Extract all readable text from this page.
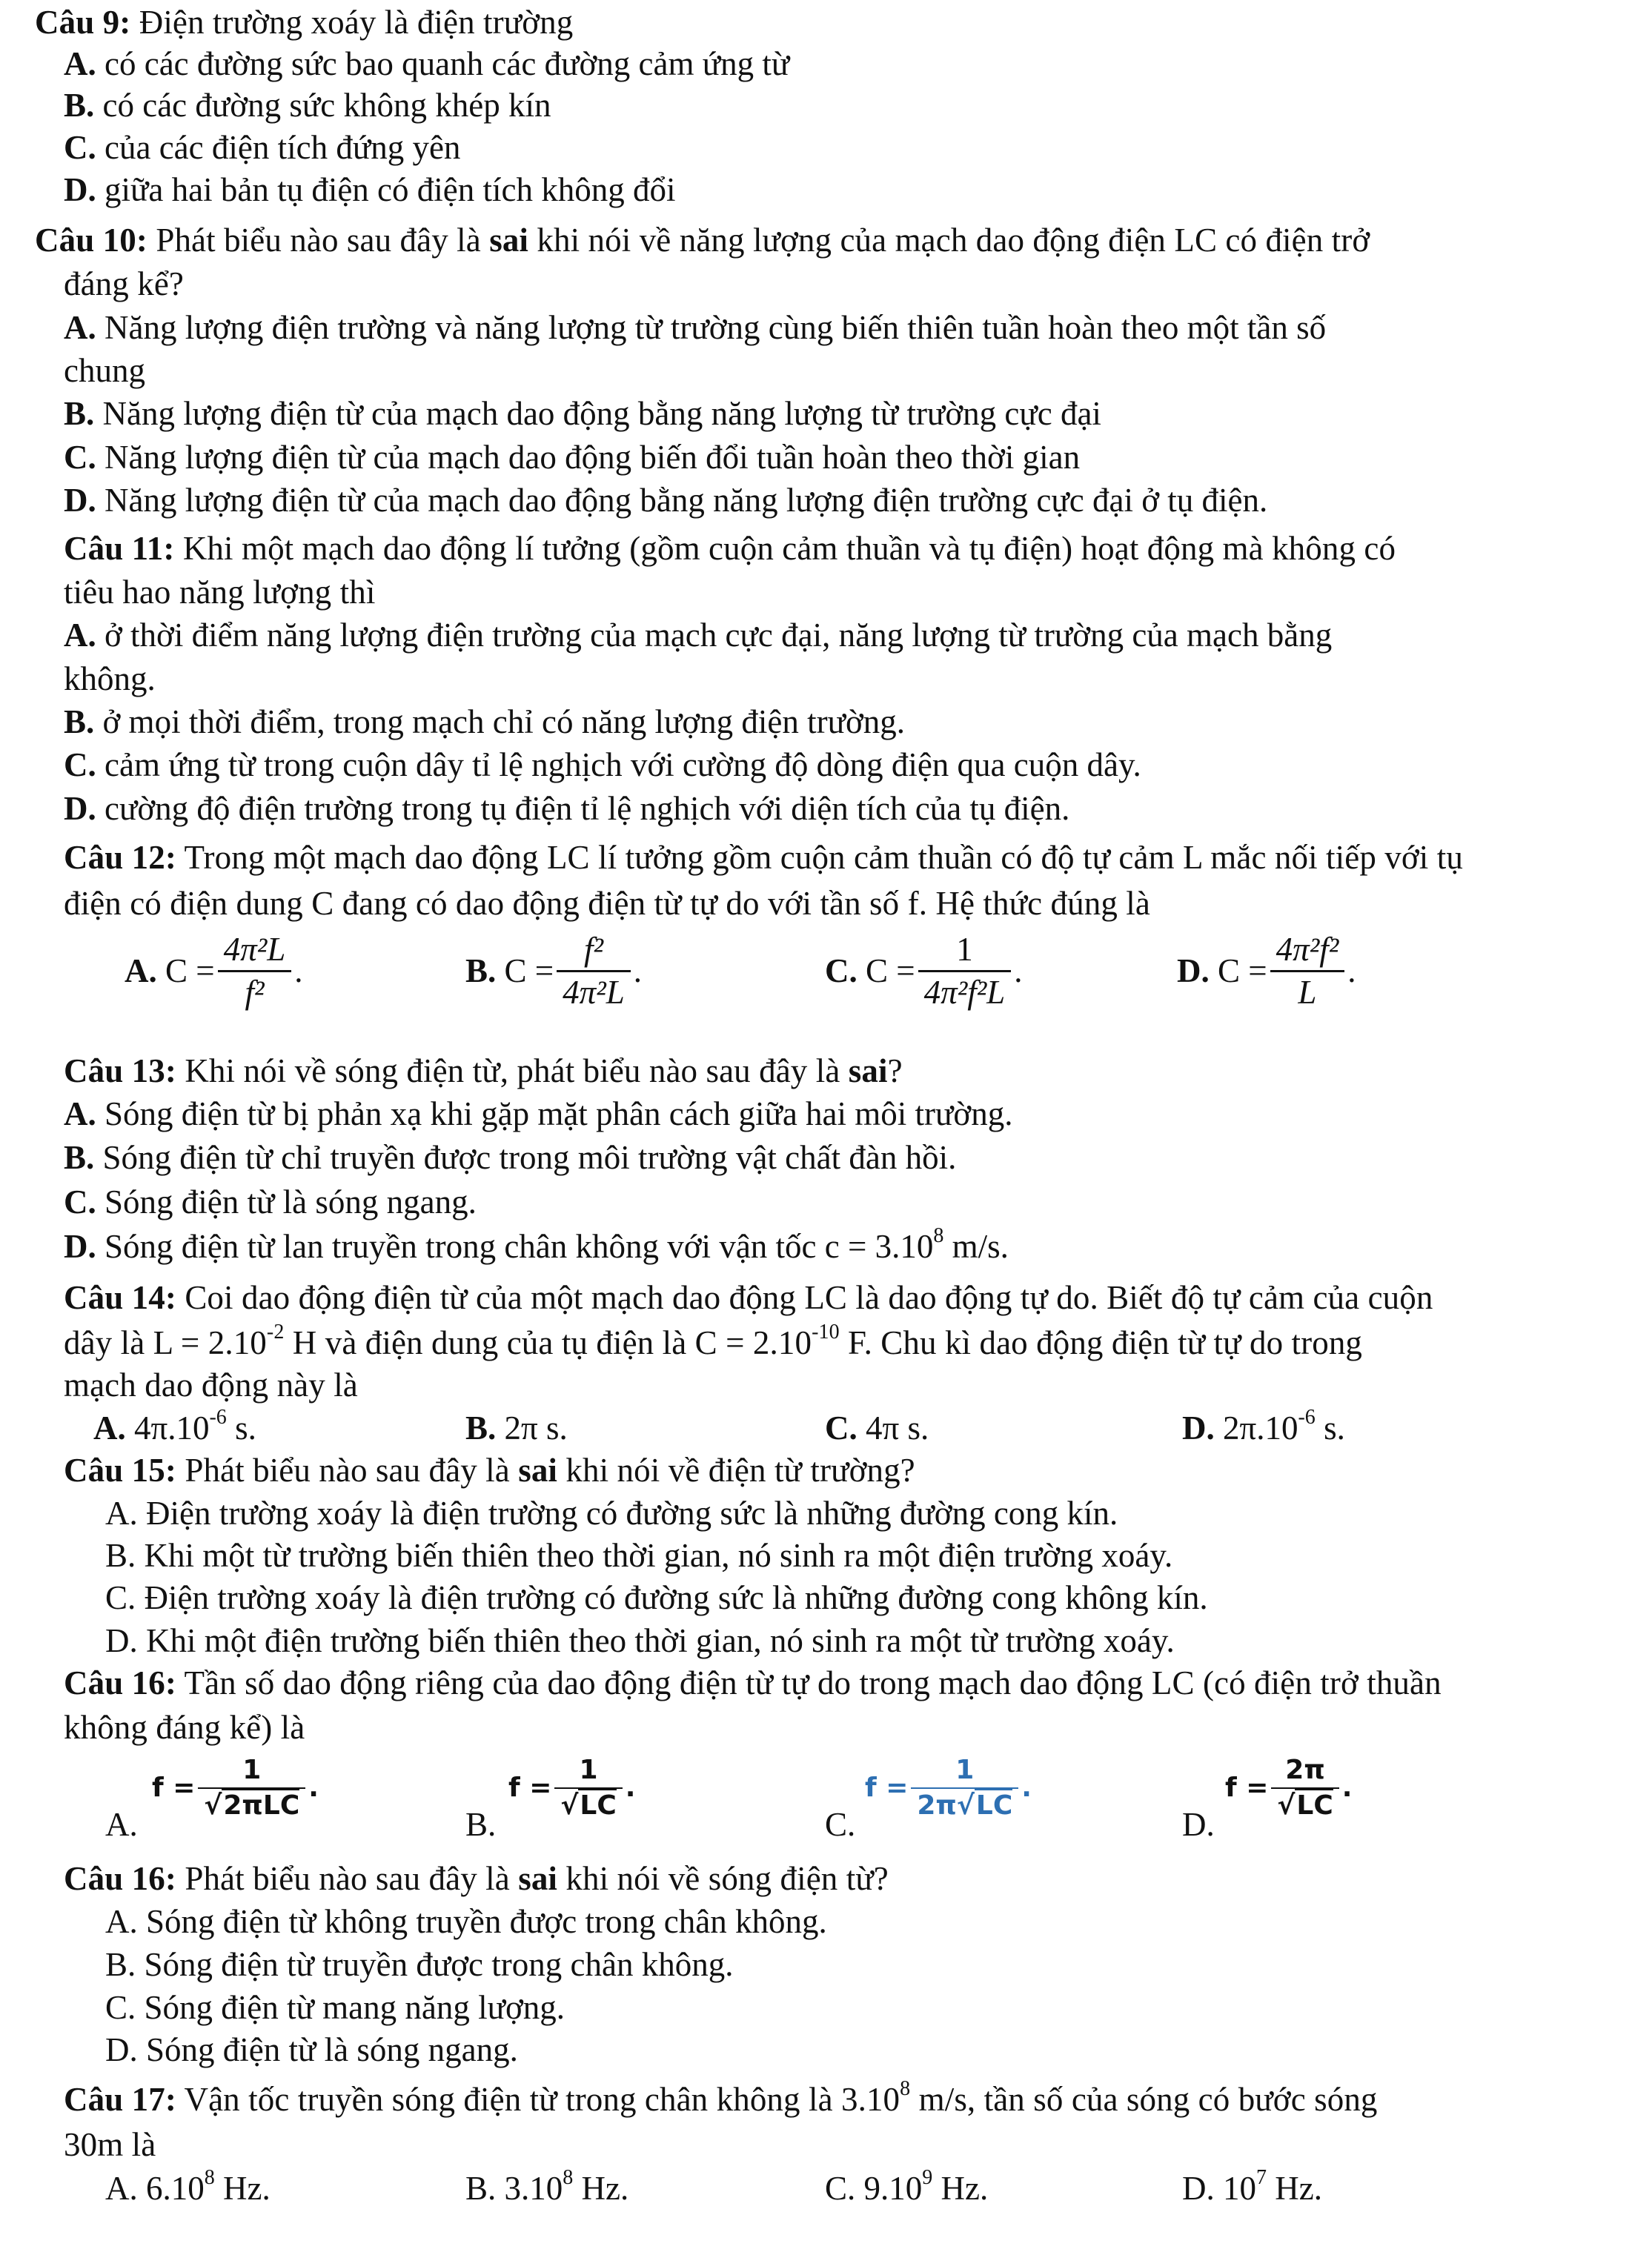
Câu 9: Điện trường xoáy là điện trường
A. có các đường sức bao quanh các đường cảm ứng từ
B. có các đường sức không khép kín
C. của các điện tích đứng yên
D. giữa hai bản tụ điện có điện tích không đổi
Câu 10: Phát biểu nào sau đây là sai khi nói về năng lượng của mạch dao động điện LC có điện trở
đáng kể?
A. Năng lượng điện trường và năng lượng từ trường cùng biến thiên tuần hoàn theo một tần số
chung
B. Năng lượng điện từ của mạch dao động bằng năng lượng từ trường cực đại
C. Năng lượng điện từ của mạch dao động biến đổi tuần hoàn theo thời gian
D. Năng lượng điện từ của mạch dao động bằng năng lượng điện trường cực đại ở tụ điện.
Câu 11: Khi một mạch dao động lí tưởng (gồm cuộn cảm thuần và tụ điện) hoạt động mà không có
tiêu hao năng lượng thì
A. ở thời điểm năng lượng điện trường của mạch cực đại, năng lượng từ trường của mạch bằng
không.
B. ở mọi thời điểm, trong mạch chỉ có năng lượng điện trường.
C. cảm ứng từ trong cuộn dây tỉ lệ nghịch với cường độ dòng điện qua cuộn dây.
D. cường độ điện trường trong tụ điện tỉ lệ nghịch với diện tích của tụ điện.
Câu 12: Trong một mạch dao động LC lí tưởng gồm cuộn cảm thuần có độ tự cảm L mắc nối tiếp với tụ
điện có điện dung C đang có dao động điện từ tự do với tần số f. Hệ thức đúng là
A.
$C = \frac{\text{4π²L}}{\text{f²}}$ .	B.
$C = \frac{\text{f²}}{\text{4π²L}}$ .	C.
$C = \frac{1}{\text{4π²f²L}}$ .	D.
$C = \frac{\text{4π²f²}}{L}$ .
Câu 13: Khi nói về sóng điện từ, phát biểu nào sau đây là sai?
A. Sóng điện từ bị phản xạ khi gặp mặt phân cách giữa hai môi trường.
B. Sóng điện từ chỉ truyền được trong môi trường vật chất đàn hồi.
C. Sóng điện từ là sóng ngang.
D. Sóng điện từ lan truyền trong chân không với vận tốc $c = 3.10^8$ m/s.
Câu 14: Coi dao động điện từ của một mạch dao động LC là dao động tự do. Biết độ tự cảm của cuộn
dây là $L = 2.10^{-2}$ H và điện dung của tụ điện là $C = 2.10^{-10}$ F. Chu kì dao động điện từ tự do trong
mạch dao động này là
A. $4\pi.10^{-6}$ s.	B. 2π s.	C. 4π s.	D. $2\pi.10^{-6}$ s.
Câu 15: Phát biểu nào sau đây là sai khi nói về điện từ trường?
A. Điện trường xoáy là điện trường có đường sức là những đường cong kín.
B. Khi một từ trường biến thiên theo thời gian, nó sinh ra một điện trường xoáy.
C. Điện trường xoáy là điện trường có đường sức là những đường cong không kín.
D. Khi một điện trường biến thiên theo thời gian, nó sinh ra một từ trường xoáy.
Câu 16: Tần số dao động riêng của dao động điện từ tự do trong mạch dao động LC (có điện trở thuần
không đáng kể) là
A.
$f = \frac{1}{\text{√2πLC}}$ .
B.
$f = \frac{1}{√LC}$ .
C.
$f = \frac{1}{2\pi√LC}$ .
D.
$f = \frac{2\pi}{√LC}$ .
Câu 16: Phát biểu nào sau đây là sai khi nói về sóng điện từ?
A. Sóng điện từ không truyền được trong chân không.
B. Sóng điện từ truyền được trong chân không.
C. Sóng điện từ mang năng lượng.
D. Sóng điện từ là sóng ngang.
Câu 17: Vận tốc truyền sóng điện từ trong chân không là 3.10$^8$ m/s, tần số của sóng có bước sóng
30m là
A. 6.10$^8$ Hz.	B. 3.10$^8$ Hz.	C. 9.10$^9$ Hz.	D. $10^7$ Hz.
